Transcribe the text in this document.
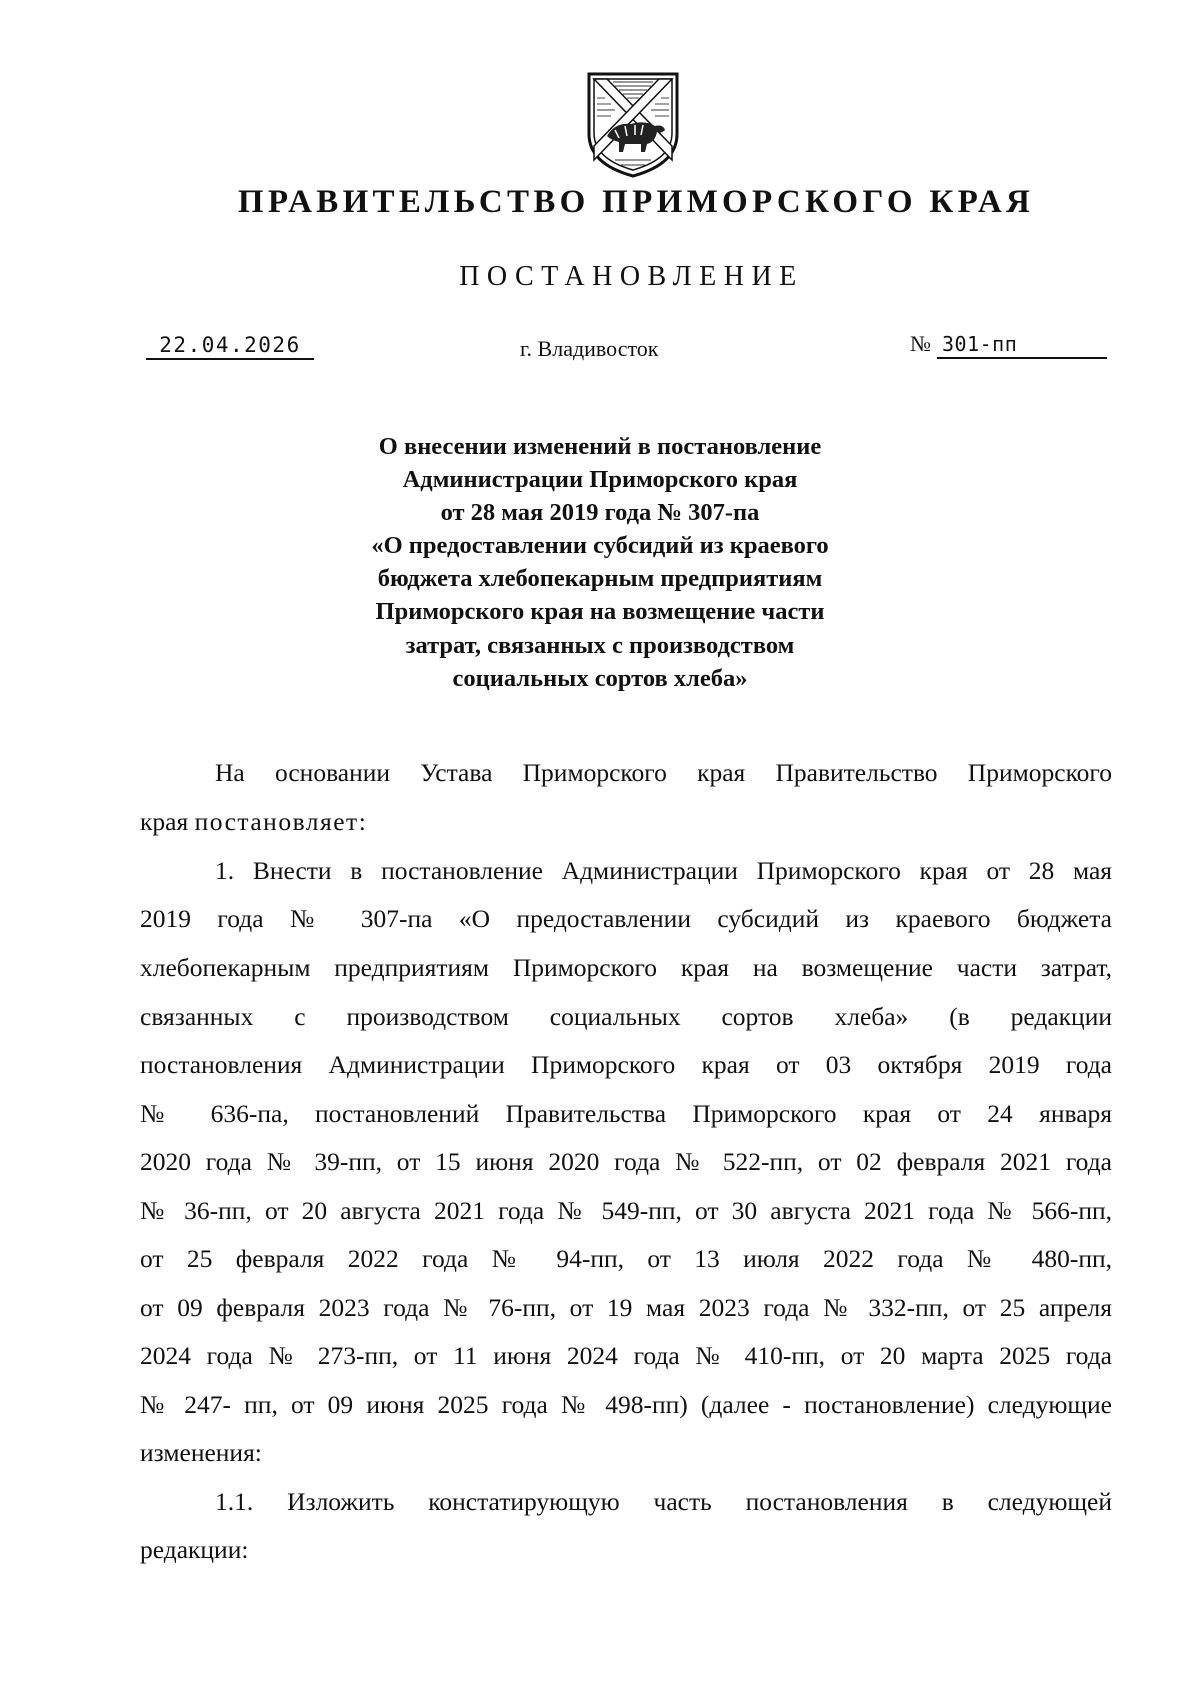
ПРАВИТЕЛЬСТВО ПРИМОРСКОГО КРАЯ
ПОСТАНОВЛЕНИЕ
22.04.2026	г. Владивосток	№ 301-пп
О внесении изменений в постановление
Администрации Приморского края
от 28 мая 2019 года № 307-па
«О предоставлении субсидий из краевого
бюджета хлебопекарным предприятиям
Приморского края на возмещение части
затрат, связанных с производством
социальных сортов хлеба»
На основании Устава Приморского края Правительство Приморского
края постановляет:
1. Внести в постановление Администрации Приморского края от 28 мая
2019 года № 307-па «О предоставлении субсидий из краевого бюджета
хлебопекарным предприятиям Приморского края на возмещение части затрат,
связанных с производством социальных сортов хлеба» (в редакции
постановления Администрации Приморского края от 03 октября 2019 года
№ 636-па, постановлений Правительства Приморского края от 24 января
2020 года № 39-пп, от 15 июня 2020 года № 522-пп, от 02 февраля 2021 года
№ 36-пп, от 20 августа 2021 года № 549-пп, от 30 августа 2021 года № 566-пп,
от 25 февраля 2022 года № 94-пп, от 13 июля 2022 года № 480-пп,
от 09 февраля 2023 года № 76-пп, от 19 мая 2023 года № 332-пп, от 25 апреля
2024 года № 273-пп, от 11 июня 2024 года № 410-пп, от 20 марта 2025 года
№ 247- пп, от 09 июня 2025 года № 498-пп) (далее - постановление) следующие
изменения:
1.1. Изложить констатирующую часть постановления в следующей
редакции:
